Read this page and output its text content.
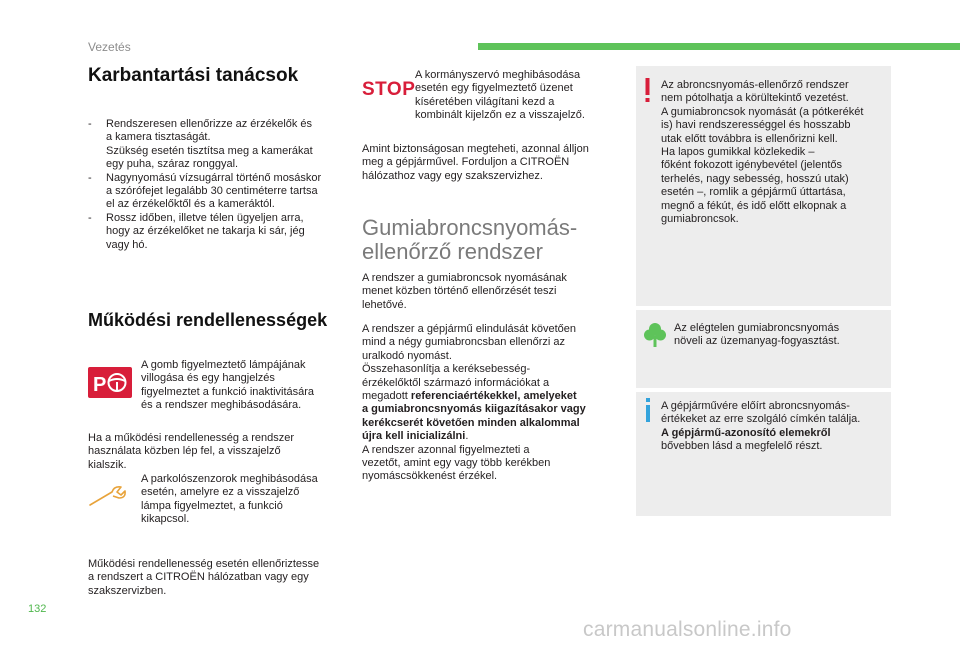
Vezetés
Karbantartási tanácsok
- Rendszeresen ellenőrizze az érzékelők és
a kamera tisztaságát.
Szükség esetén tisztítsa meg a kamerákat
egy puha, száraz ronggyal.
- Nagynyomású vízsugárral történő mosáskor
a szórófejet legalább 30 centiméterre tartsa
el az érzékelőktől és a kameráktól.
- Rossz időben, illetve télen ügyeljen arra,
hogy az érzékelőket ne takarja ki sár, jég
vagy hó.
Működési rendellenességek
P
A gomb figyelmeztető lámpájának
villogása és egy hangjelzés
figyelmeztet a funkció inaktivitására
és a rendszer meghibásodására.
Ha a működési rendellenesség a rendszer
használata közben lép fel, a visszajelző
kialszik.
A parkolószenzorok meghibásodása
esetén, amelyre ez a visszajelző
lámpa figyelmeztet, a funkció
kikapcsol.
Működési rendellenesség esetén ellenőriztesse
a rendszert a CITROËN hálózatban vagy egy
szakszervizben.
STOP
A kormányszervó meghibásodása
esetén egy figyelmeztető üzenet
kíséretében világítani kezd a
kombinált kijelzőn ez a visszajelző.
Amint biztonságosan megteheti, azonnal álljon
meg a gépjárművel. Forduljon a CITROËN
hálózathoz vagy egy szakszervizhez.
Gumiabroncsnyomás-
ellenőrző rendszer
A rendszer a gumiabroncsok nyomásának
menet közben történő ellenőrzését teszi
lehetővé.
A rendszer a gépjármű elindulását követően
mind a négy gumiabroncsban ellenőrzi az
uralkodó nyomást.
Összehasonlítja a keréksebesség-
érzékelőktől származó információkat a
megadott referenciaértékekkel, amelyeket
a gumiabroncsnyomás kiigazításakor vagy
kerékcserét követően minden alkalommal
újra kell inicializálni.
A rendszer azonnal figyelmezteti a
vezetőt, amint egy vagy több kerékben
nyomáscsökkenést érzékel.
Az abroncsnyomás-ellenőrző rendszer
nem pótolhatja a körültekintő vezetést.
A gumiabroncsok nyomását (a pótkerékét
is) havi rendszerességgel és hosszabb
utak előtt továbbra is ellenőrizni kell.
Ha lapos gumikkal közlekedik –
főként fokozott igénybevétel (jelentős
terhelés, nagy sebesség, hosszú utak)
esetén –, romlik a gépjármű úttartása,
megnő a fékút, és idő előtt elkopnak a
gumiabroncsok.
Az elégtelen gumiabroncsnyomás
növeli az üzemanyag-fogyasztást.
A gépjárművére előírt abroncsnyomás-
értékeket az erre szolgáló címkén találja.
A gépjármű-azonosító elemekről
bővebben lásd a megfelelő részt.
132
carmanualsonline.info
